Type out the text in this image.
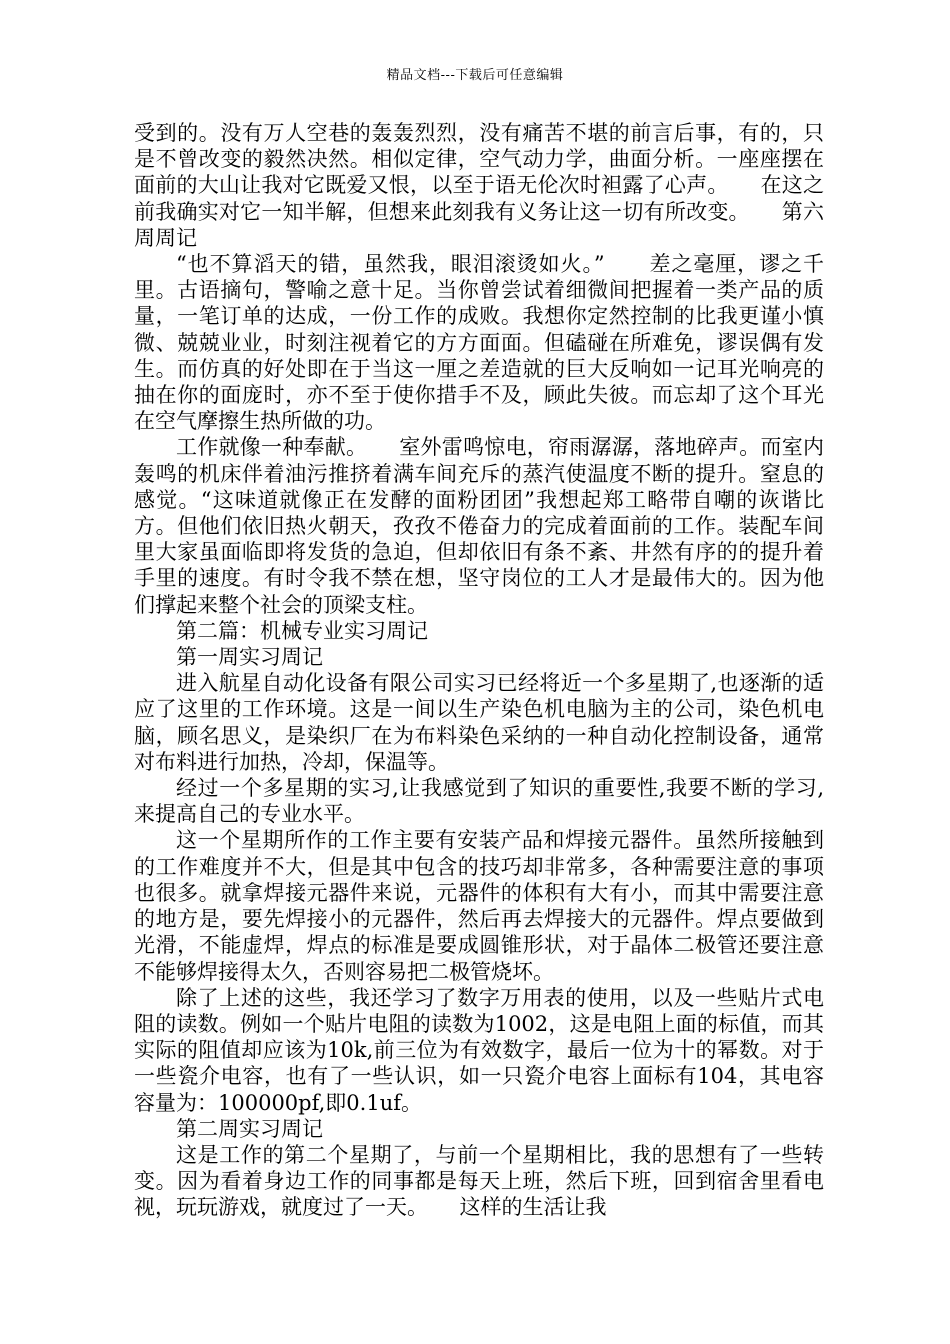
精品文档---下载后可任意编辑

受到的。没有万人空巷的轰轰烈烈，没有痛苦不堪的前言后事，有的，只是不曾改变的毅然决然。相似定律，空气动力学，曲面分析。一座座摆在面前的大山让我对它既爱又恨，以至于语无伦次时袒露了心声。　　在这之前我确实对它一知半解，但想来此刻我有义务让这一切有所改变。　　第六周周记

“也不算滔天的错，虽然我，眼泪滚烫如火。”　　差之毫厘，谬之千里。古语摘句，警喻之意十足。当你曾尝试着细微间把握着一类产品的质量，一笔订单的达成，一份工作的成败。我想你定然控制的比我更谨小慎微、兢兢业业，时刻注视着它的方方面面。但磕碰在所难免，谬误偶有发生。而仿真的好处即在于当这一厘之差造就的巨大反响如一记耳光响亮的抽在你的面庞时，亦不至于使你措手不及，顾此失彼。而忘却了这个耳光在空气摩擦生热所做的功。

工作就像一种奉献。　　室外雷鸣惊电，帘雨潺潺，落地碎声。而室内轰鸣的机床伴着油污推挤着满车间充斥的蒸汽使温度不断的提升。窒息的感觉。“这味道就像正在发酵的面粉团团”我想起郑工略带自嘲的诙谐比方。但他们依旧热火朝天，孜孜不倦奋力的完成着面前的工作。装配车间里大家虽面临即将发货的急迫，但却依旧有条不紊、井然有序的的提升着手里的速度。有时令我不禁在想，坚守岗位的工人才是最伟大的。因为他们撑起来整个社会的顶梁支柱。

第二篇：机械专业实习周记

第一周实习周记

进入航星自动化设备有限公司实习已经将近一个多星期了,也逐渐的适应了这里的工作环境。这是一间以生产染色机电脑为主的公司，染色机电脑，顾名思义，是染织厂在为布料染色采纳的一种自动化控制设备，通常对布料进行加热，冷却，保温等。

经过一个多星期的实习,让我感觉到了知识的重要性,我要不断的学习,来提高自己的专业水平。

这一个星期所作的工作主要有安装产品和焊接元器件。虽然所接触到的工作难度并不大，但是其中包含的技巧却非常多，各种需要注意的事项也很多。就拿焊接元器件来说，元器件的体积有大有小，而其中需要注意的地方是，要先焊接小的元器件，然后再去焊接大的元器件。焊点要做到光滑，不能虚焊，焊点的标准是要成圆锥形状，对于晶体二极管还要注意不能够焊接得太久，否则容易把二极管烧坏。

除了上述的这些，我还学习了数字万用表的使用，以及一些贴片式电阻的读数。例如一个贴片电阻的读数为1002，这是电阻上面的标值，而其实际的阻值却应该为10k,前三位为有效数字，最后一位为十的幂数。对于一些瓷介电容，也有了一些认识，如一只瓷介电容上面标有104，其电容容量为：100000pf,即0.1uf。

第二周实习周记

这是工作的第二个星期了，与前一个星期相比，我的思想有了一些转变。因为看着身边工作的同事都是每天上班，然后下班，回到宿舍里看电视，玩玩游戏，就度过了一天。　　这样的生活让我
